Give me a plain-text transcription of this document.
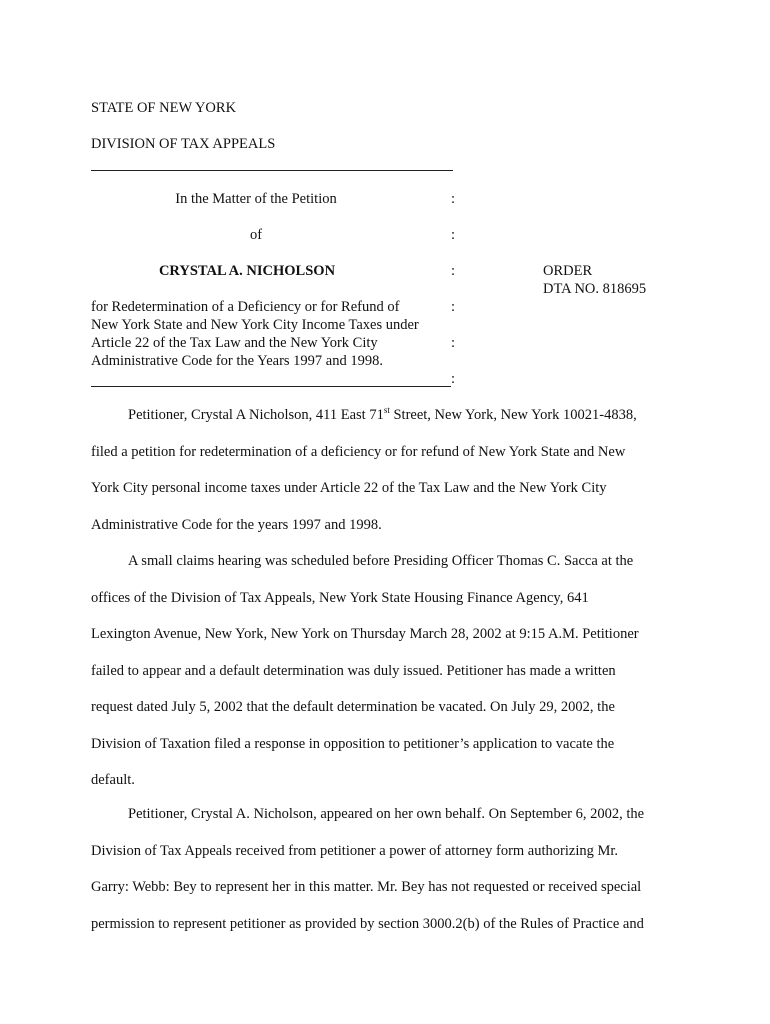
STATE OF NEW YORK
DIVISION OF TAX APPEALS
In the Matter of the Petition	:
of	:
CRYSTAL A. NICHOLSON	:	ORDER
DTA NO. 818695
for Redetermination of a Deficiency or for Refund of	:
New York State and New York City Income Taxes under
Article 22 of the Tax Law and the New York City	:
Administrative Code for the Years 1997 and 1998.
:
Petitioner, Crystal A Nicholson, 411 East 71st Street, New York, New York 10021-4838,
filed a petition for redetermination of a deficiency or for refund of New York State and New
York City personal income taxes under Article 22 of the Tax Law and the New York City
Administrative Code for the years 1997 and 1998.
A small claims hearing was scheduled before Presiding Officer Thomas C. Sacca at the
offices of the Division of Tax Appeals, New York State Housing Finance Agency, 641
Lexington Avenue, New York, New York on Thursday March 28, 2002 at 9:15 A.M. Petitioner
failed to appear and a default determination was duly issued. Petitioner has made a written
request dated July 5, 2002 that the default determination be vacated. On July 29, 2002, the
Division of Taxation filed a response in opposition to petitioner’s application to vacate the
default.
Petitioner, Crystal A. Nicholson, appeared on her own behalf. On September 6, 2002, the
Division of Tax Appeals received from petitioner a power of attorney form authorizing Mr.
Garry: Webb: Bey to represent her in this matter. Mr. Bey has not requested or received special
permission to represent petitioner as provided by section 3000.2(b) of the Rules of Practice and
